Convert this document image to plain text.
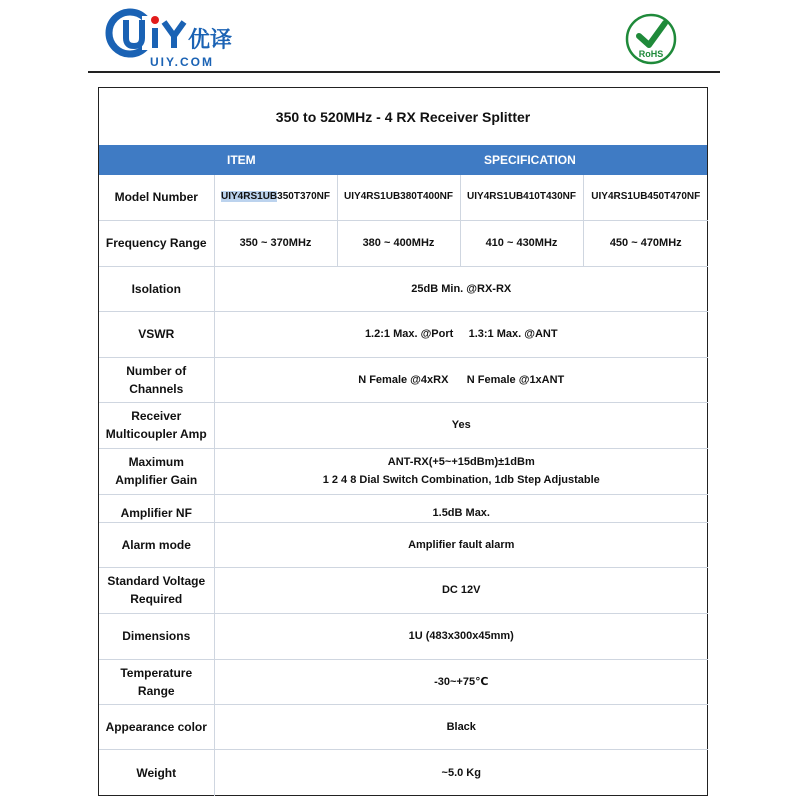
优译
UIY.COM
RoHS
350 to 520MHz - 4 RX Receiver Splitter
ITEM	SPECIFICATION
Model Number	UIY4RS1UB350T370NF	UIY4RS1UB380T400NF	UIY4RS1UB410T430NF	UIY4RS1UB450T470NF
Frequency Range	350 ~ 370MHz	380 ~ 400MHz	410 ~ 430MHz	450 ~ 470MHz
Isolation	25dB Min. @RX-RX			
VSWR	1.2:1 Max. @Port     1.3:1 Max. @ANT			
Number of Channels	N Female @4xRX      N Female @1xANT			
Receiver Multicoupler Amp	Yes			
Maximum Amplifier Gain	ANT-RX(+5~+15dBm)±1dBm
1 2 4 8 Dial Switch Combination, 1db Step Adjustable			

Amplifier NF	1.5dB Max.			
Alarm mode	Amplifier fault alarm			
Standard Voltage Required	DC 12V			
Dimensions	1U (483x300x45mm)			
Temperature Range	-30~+75℃			
Appearance color	Black			
Weight	~5.0 Kg			
